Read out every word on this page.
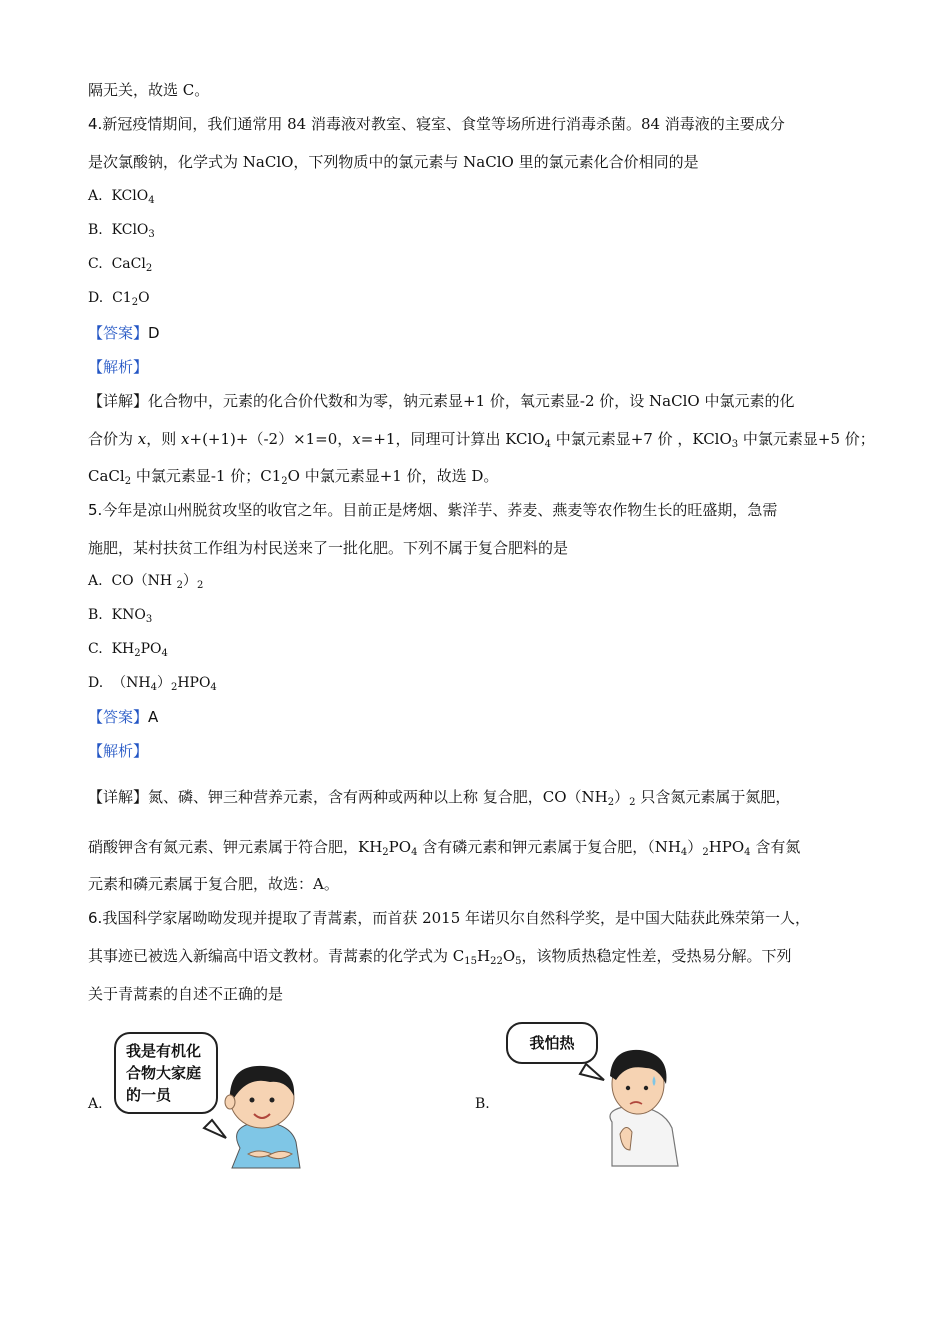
隔无关，故选 C。
4.新冠疫情期间，我们通常用 84 消毒液对教室、寝室、食堂等场所进行消毒杀菌。84 消毒液的主要成分
是次氯酸钠，化学式为 NaClO，下列物质中的氯元素与 NaClO 里的氯元素化合价相同的是
A. KClO$_4$
B. KClO$_3$
C. CaCl$_2$
D. $C1_2O$
【答案】D
【解析】
【详解】化合物中，元素的化合价代数和为零，钠元素显+1 价，氧元素显-2 价，设 NaClO 中氯元素的化
合价为 x，则 x+(+1)+（-2）×1=0，x=+1，同理可计算出 KClO$_4$ 中氯元素显+7 价 ，KClO$_3$ 中氯元素显+5 价；
CaCl$_2$ 中氯元素显-1 价；$C1_2O$ 中氯元素显+1 价，故选 D。
5.今年是凉山州脱贫攻坚的收官之年。目前正是烤烟、紫洋芋、荞麦、燕麦等农作物生长的旺盛期，急需
施肥，某村扶贫工作组为村民送来了一批化肥。下列不属于复合肥料的是
A. CO（NH $_2)_2$
B. $KNO_3$
C. $KH_2PO_4$
D. $(NH_4)_2HPO_4$
【答案】A
【解析】
【详解】氮、磷、钾三种营养元素，含有两种或两种以上称 复合肥，$CO(NH_2)_2$ 只含氮元素属于氮肥，
硝酸钾含有氮元素、钾元素属于符合肥，$KH_2PO_4$ 含有磷元素和钾元素属于复合肥，$(NH_4)_2HPO_4$ 含有氮
元素和磷元素属于复合肥，故选：A。
6.我国科学家屠呦呦发现并提取了青蒿素，而首获 2015 年诺贝尔自然科学奖，是中国大陆获此殊荣第一人，
其事迹已被选入新编高中语文教材。青蒿素的化学式为 $C_{15}H_{22}O_5$，该物质热稳定性差，受热易分解。下列
关于青蒿素的自述不正确的是
A.
我是有机化
合物大家庭
的一员	B.
我怕热
